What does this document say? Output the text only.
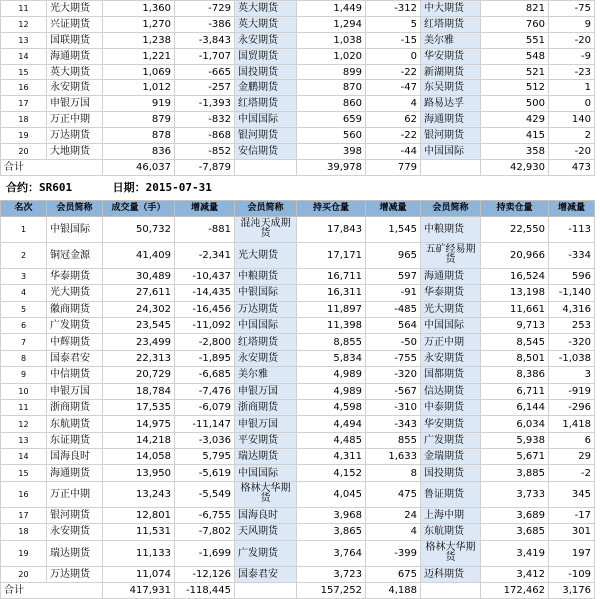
11	光大期货	1,360	-729	英大期货	1,449	-312	中大期货	821	-75
12	兴证期货	1,270	-386	英大期货	1,294	5	红塔期货	760	9
13	国联期货	1,238	-3,843	永安期货	1,038	-15	美尔雅	551	-20
14	海通期货	1,221	-1,707	国贸期货	1,020	0	华安期货	548	-9
15	英大期货	1,069	-665	国投期货	899	-22	新湖期货	521	-23
16	永安期货	1,012	-257	金鹏期货	870	-47	东吴期货	512	1
17	申银万国	919	-1,393	红塔期货	860	4	路易达孚	500	0
18	万正中期	879	-832	中国国际	659	62	海通期货	429	140
19	万达期货	878	-868	银河期货	560	-22	银河期货	415	2
20	大地期货	836	-852	安信期货	398	-44	中国国际	358	-20
合计		46,037	-7,879		39,978	779		42,930	473
合约：SR601	日期：2015-07-31
名次	会员简称	成交量（手）	增减量	会员简称	持买仓量	增减量	会员简称	持卖仓量	增减量
1	中银国际	50,732	-881	混沌天成期货	17,843	1,545	中粮期货	22,550	-113
2	铜冠金源	41,409	-2,341	光大期货	17,171	965	五矿经易期货	20,966	-334
3	华泰期货	30,489	-10,437	中粮期货	16,711	597	海通期货	16,524	596
4	光大期货	27,611	-14,435	中银国际	16,311	-91	华泰期货	13,198	-1,140
5	徽商期货	24,302	-16,456	万达期货	11,897	-485	光大期货	11,661	4,316
6	广发期货	23,545	-11,092	中国国际	11,398	564	中国国际	9,713	253
7	中辉期货	23,499	-2,800	红塔期货	8,855	-50	万正中期	8,545	-320
8	国泰君安	22,313	-1,895	永安期货	5,834	-755	永安期货	8,501	-1,038
9	中信期货	20,729	-6,685	美尔雅	4,989	-320	国都期货	8,386	3
10	申银万国	18,784	-7,476	申银万国	4,989	-567	信达期货	6,711	-919
11	浙商期货	17,535	-6,079	浙商期货	4,598	-310	中泰期货	6,144	-296
12	东航期货	14,975	-11,147	申银万国	4,494	-343	华安期货	6,034	1,418
13	东证期货	14,218	-3,036	平安期货	4,485	855	广发期货	5,938	6
14	国海良时	14,058	5,795	瑞达期货	4,311	1,633	金瑞期货	5,671	29
15	海通期货	13,950	-5,619	中国国际	4,152	8	国投期货	3,885	-2
16	万正中期	13,243	-5,549	格林大华期货	4,045	475	鲁证期货	3,733	345
17	银河期货	12,801	-6,755	国海良时	3,968	24	上海中期	3,689	-17
18	永安期货	11,531	-7,802	天风期货	3,865	4	东航期货	3,685	301
19	瑞达期货	11,133	-1,699	广发期货	3,764	-399	格林大华期货	3,419	197
20	万达期货	11,074	-12,126	国泰君安	3,723	675	迈科期货	3,412	-109
合计		417,931	-118,445		157,252	4,188		172,462	3,176
